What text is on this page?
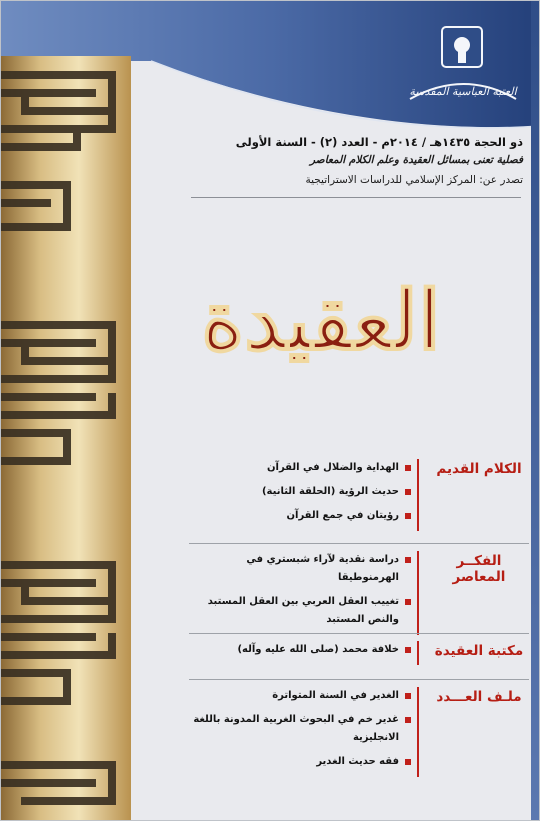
العتبة العباسية المقدسة
ذو الحجة ١٤٣٥هـ / ٢٠١٤م - العدد (٢) - السنة الأولى
فصلية تعنى بمسائل العقيدة وعلم الكلام المعاصر
تصدر عن: المركز الإسلامي للدراسات الاستراتيجية
العقيدة
الكلام القديم
الهداية والضلال في القرآن
حديث الرؤية (الحلقة الثانية)
رؤيتان في جمع القرآن
الفكــر المعاصر
دراسة نقدية لآراء شبستري في الهرمنوطيقا
تغييب العقل العربي بين العقل المستبد والنص المستبد
مكتبة العقيدة
خلافة محمد (صلى الله عليه وآله)
ملـف العـــدد
الغدير في السنة المتواترة
غدير خم في البحوث الغربية المدونة باللغة الانجليزية
فقه حديث الغدير
